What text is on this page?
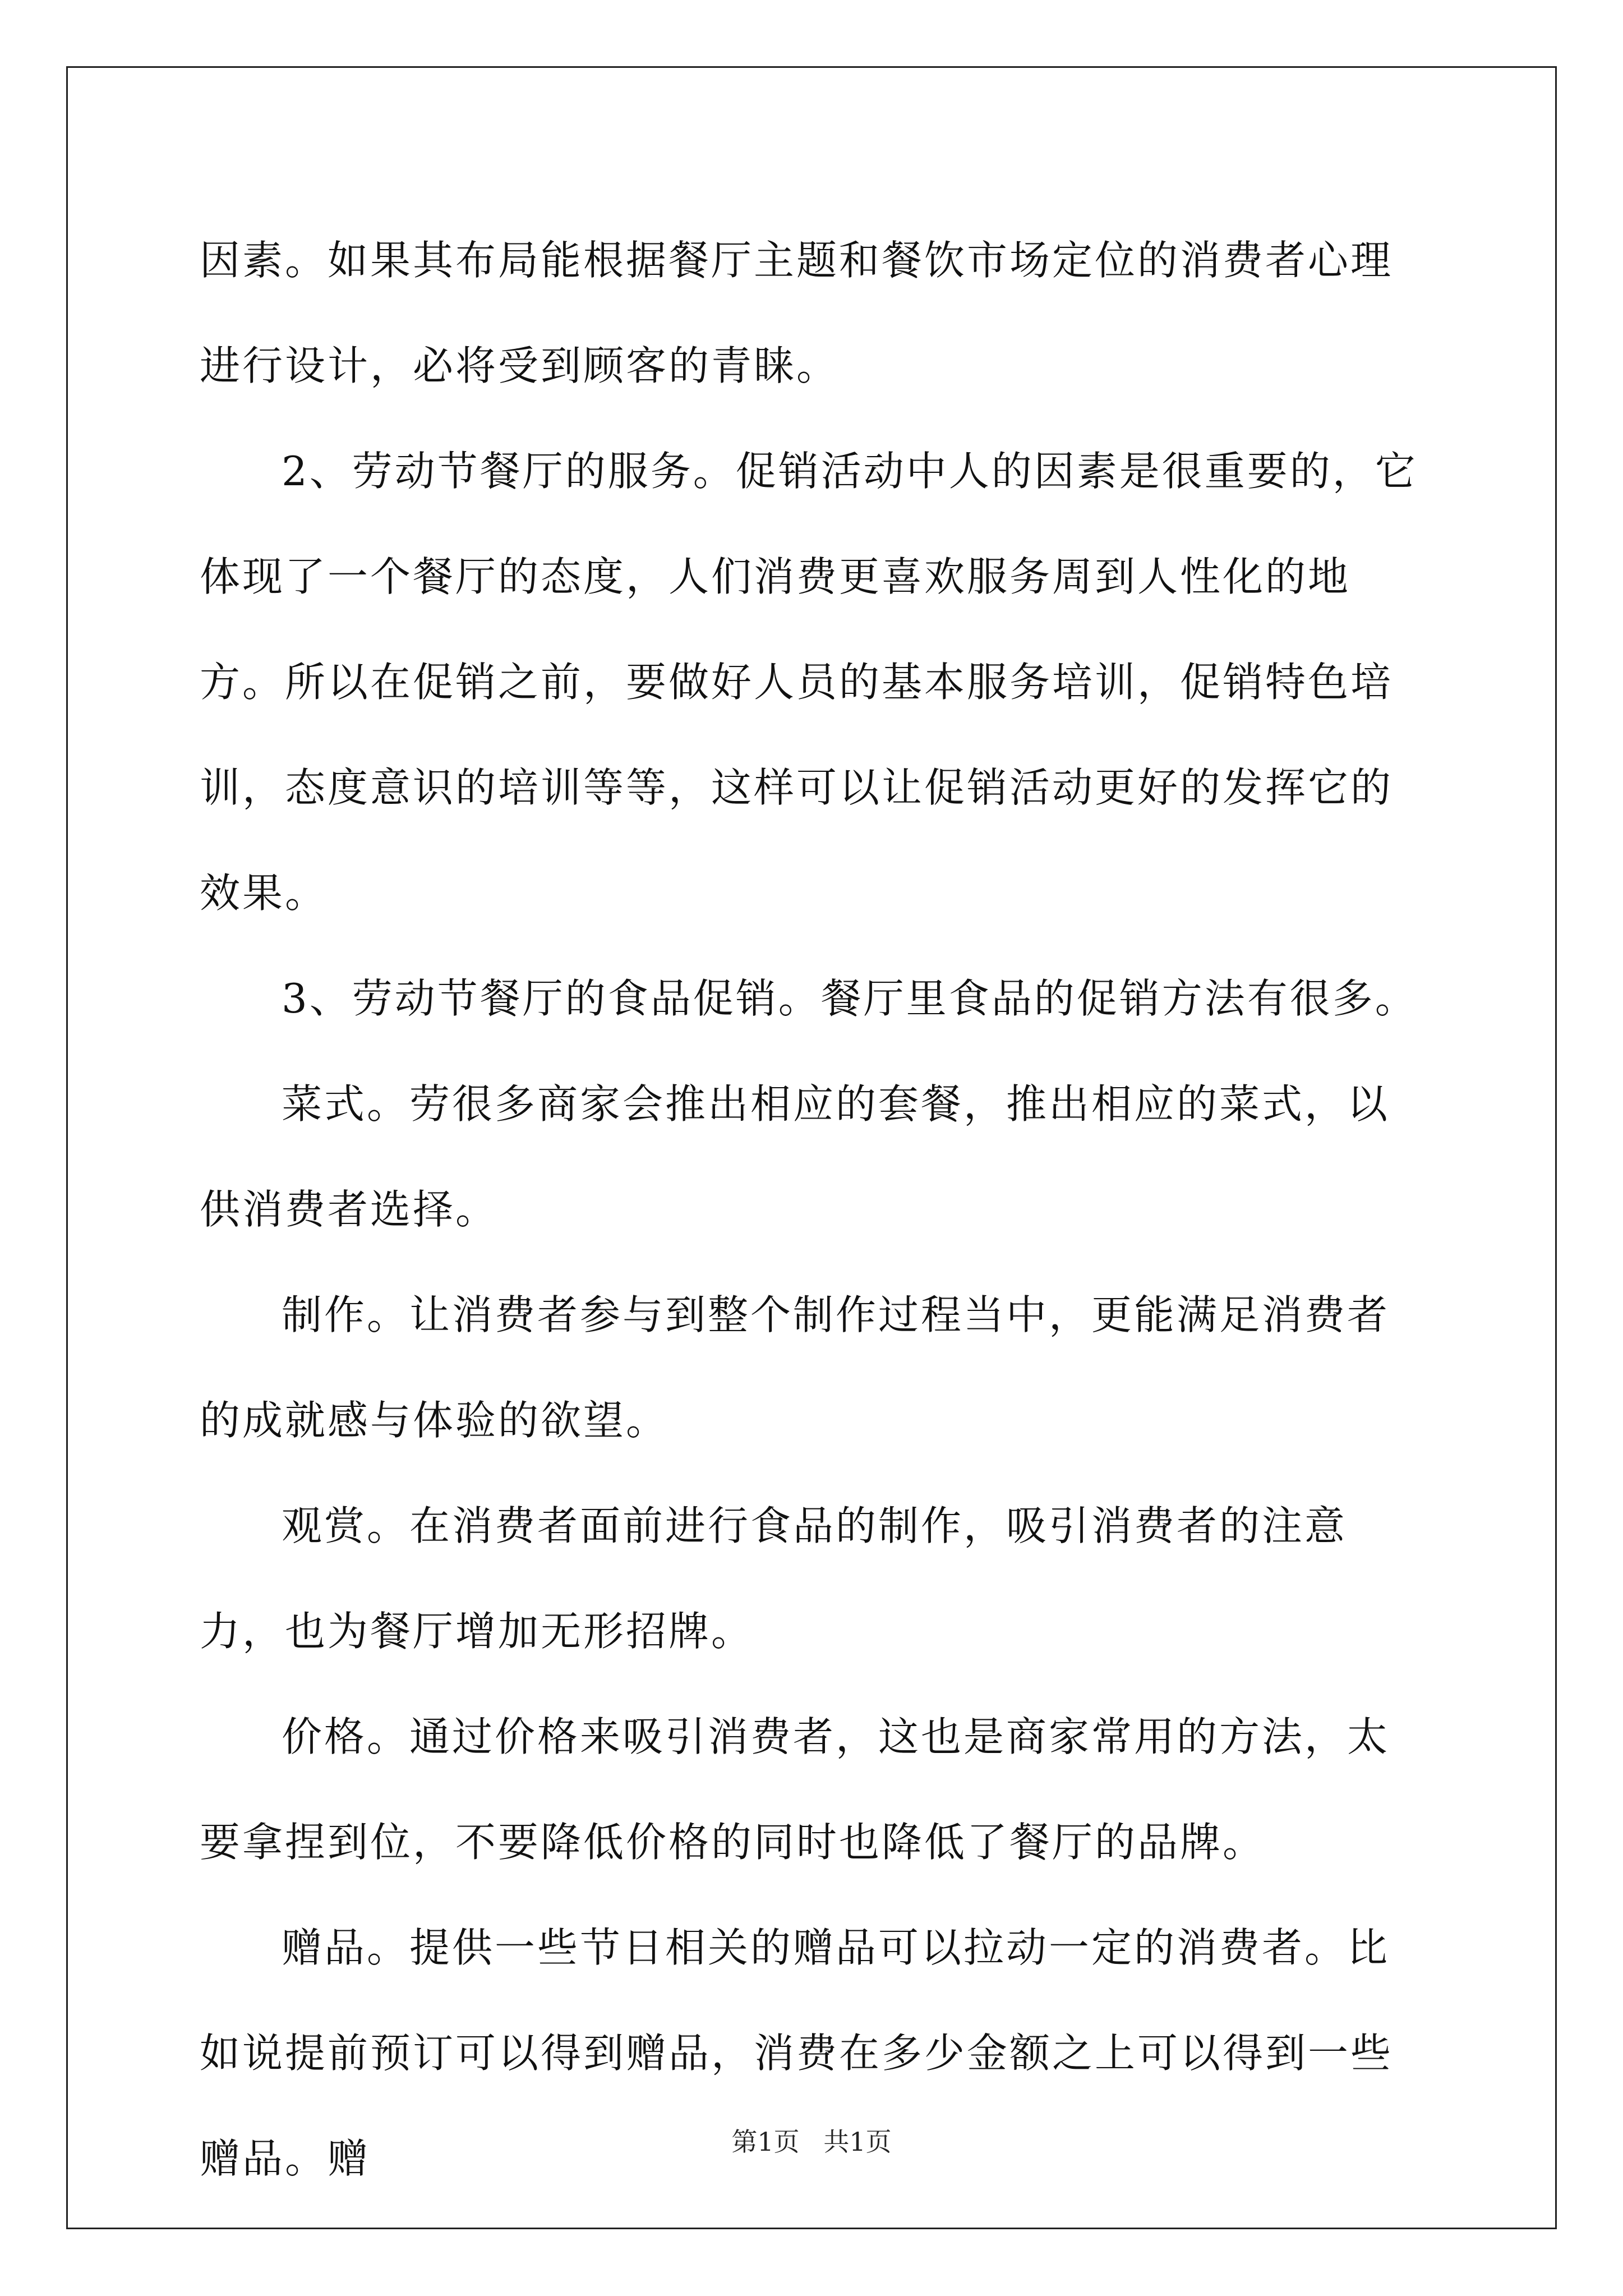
因素。如果其布局能根据餐厅主题和餐饮市场定位的消费者心理进行设计，必将受到顾客的青睐。

2、劳动节餐厅的服务。促销活动中人的因素是很重要的，它体现了一个餐厅的态度，人们消费更喜欢服务周到人性化的地方。所以在促销之前，要做好人员的基本服务培训，促销特色培训，态度意识的培训等等，这样可以让促销活动更好的发挥它的效果。

3、劳动节餐厅的食品促销。餐厅里食品的促销方法有很多。

菜式。劳很多商家会推出相应的套餐，推出相应的菜式，以供消费者选择。

制作。让消费者参与到整个制作过程当中，更能满足消费者的成就感与体验的欲望。

观赏。在消费者面前进行食品的制作，吸引消费者的注意力，也为餐厅增加无形招牌。

价格。通过价格来吸引消费者，这也是商家常用的方法，太要拿捏到位，不要降低价格的同时也降低了餐厅的品牌。

赠品。提供一些节日相关的赠品可以拉动一定的消费者。比如说提前预订可以得到赠品，消费在多少金额之上可以得到一些赠品。赠	第1页 共1页
